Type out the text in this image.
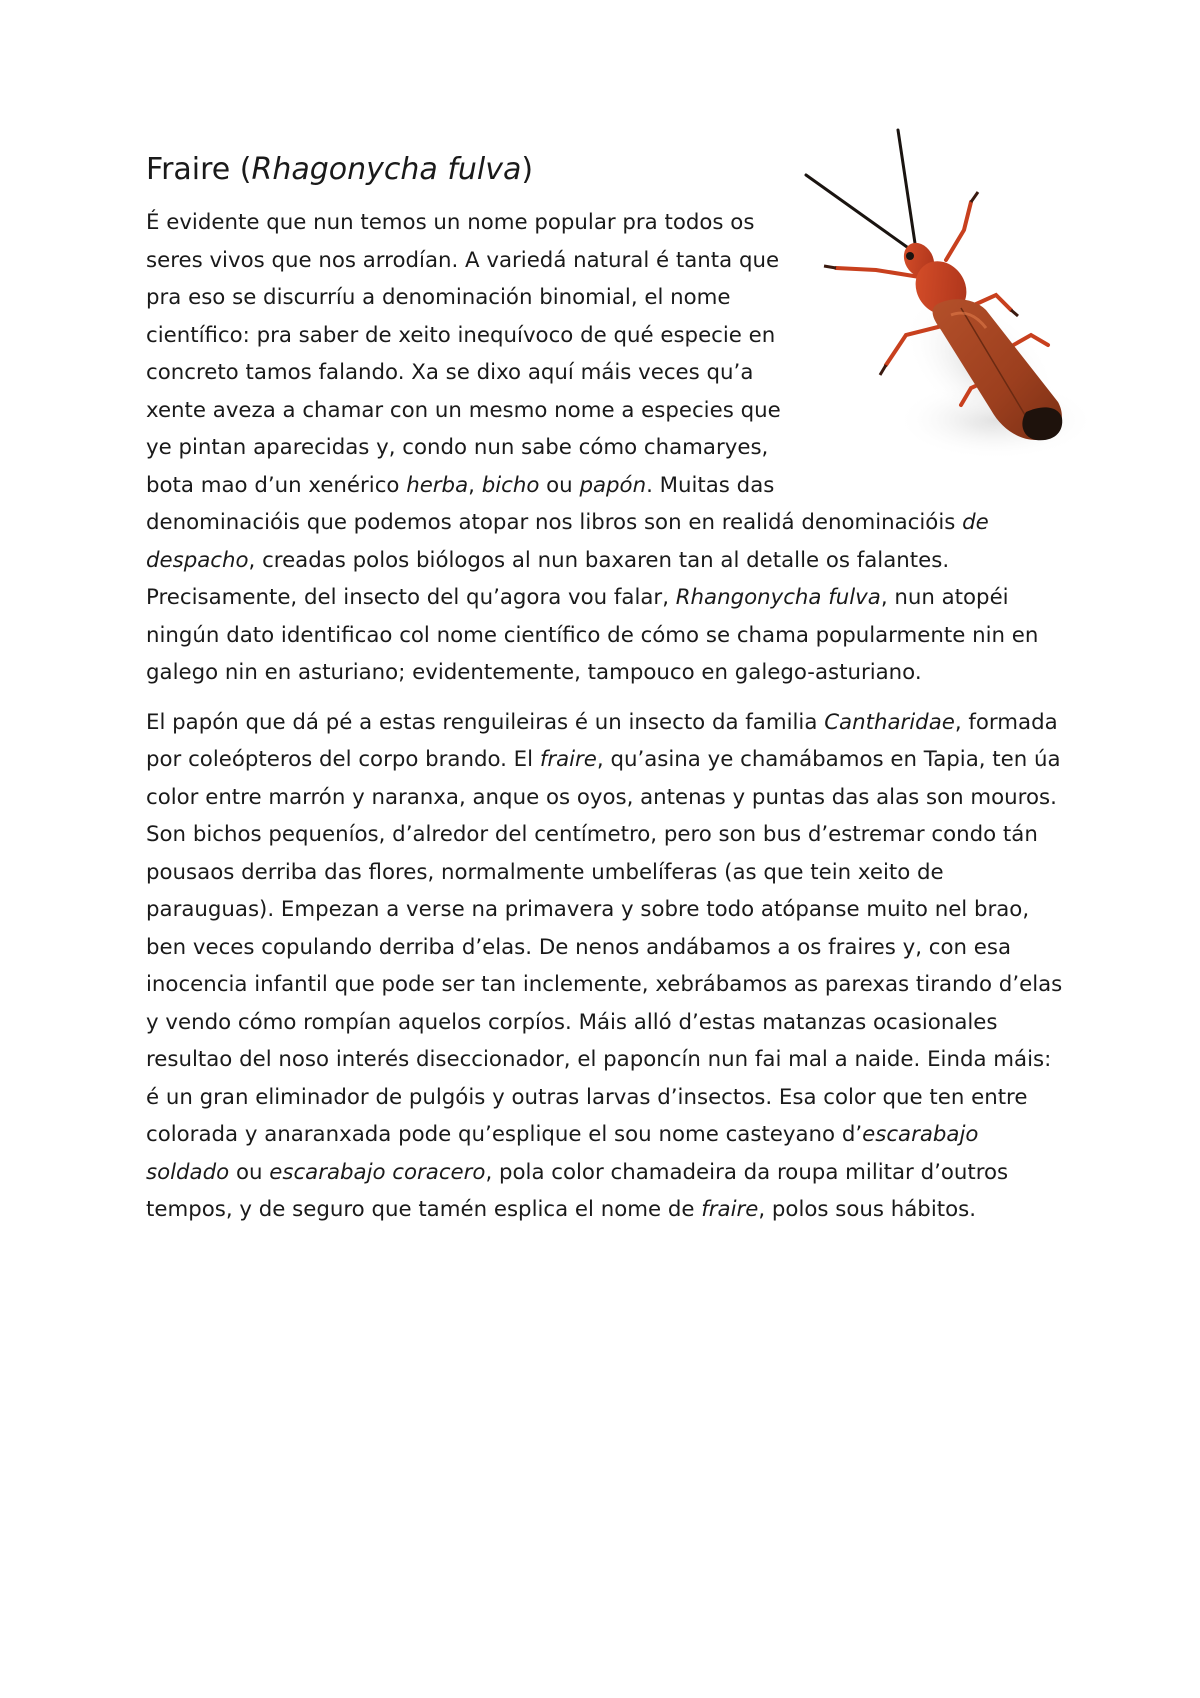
Fraire (Rhagonycha fulva)

É evidente que nun temos un nome popular pra todos os seres vivos que nos arrodían. A variedá natural é tanta que pra eso se discurríu a denominación binomial, el nome científico: pra saber de xeito inequívoco de qué especie en concreto tamos falando. Xa se dixo aquí máis veces qu’a xente aveza a chamar con un mesmo nome a especies que ye pintan aparecidas y, condo nun sabe cómo chamaryes, bota mao d’un xenérico herba, bicho ou papón. Muitas das denominacióis que podemos atopar nos libros son en realidá denominacióis de despacho, creadas polos biólogos al nun baxaren tan al detalle os falantes. Precisamente, del insecto del qu’agora vou falar, Rhangonycha fulva, nun atopéi ningún dato identificao col nome científico de cómo se chama popularmente nin en galego nin en asturiano; evidentemente, tampouco en galego-asturiano.

El papón que dá pé a estas renguileiras é un insecto da familia Cantharidae, formada por coleópteros del corpo brando. El fraire, qu’asina ye chamábamos en Tapia, ten úa color entre marrón y naranxa, anque os oyos, antenas y puntas das alas son mouros. Son bichos pequeníos, d’alredor del centímetro, pero son bus d’estremar condo tán pousaos derriba das flores, normalmente umbelíferas (as que tein xeito de parauguas). Empezan a verse na primavera y sobre todo atópanse muito nel brao, ben veces copulando derriba d’elas. De nenos andábamos a os fraires y, con esa inocencia infantil que pode ser tan inclemente, xebrábamos as parexas tirando d’elas y vendo cómo rompían aquelos corpíos. Máis alló d’estas matanzas ocasionales resultao del noso interés diseccionador, el paponcín nun fai mal a naide. Einda máis: é un gran eliminador de pulgóis y outras larvas d’insectos. Esa color que ten entre colorada y anaranxada pode qu’esplique el sou nome casteyano d’escarabajo soldado ou escarabajo coracero, pola color chamadeira da roupa militar d’outros tempos, y de seguro que tamén esplica el nome de fraire, polos sous hábitos.
